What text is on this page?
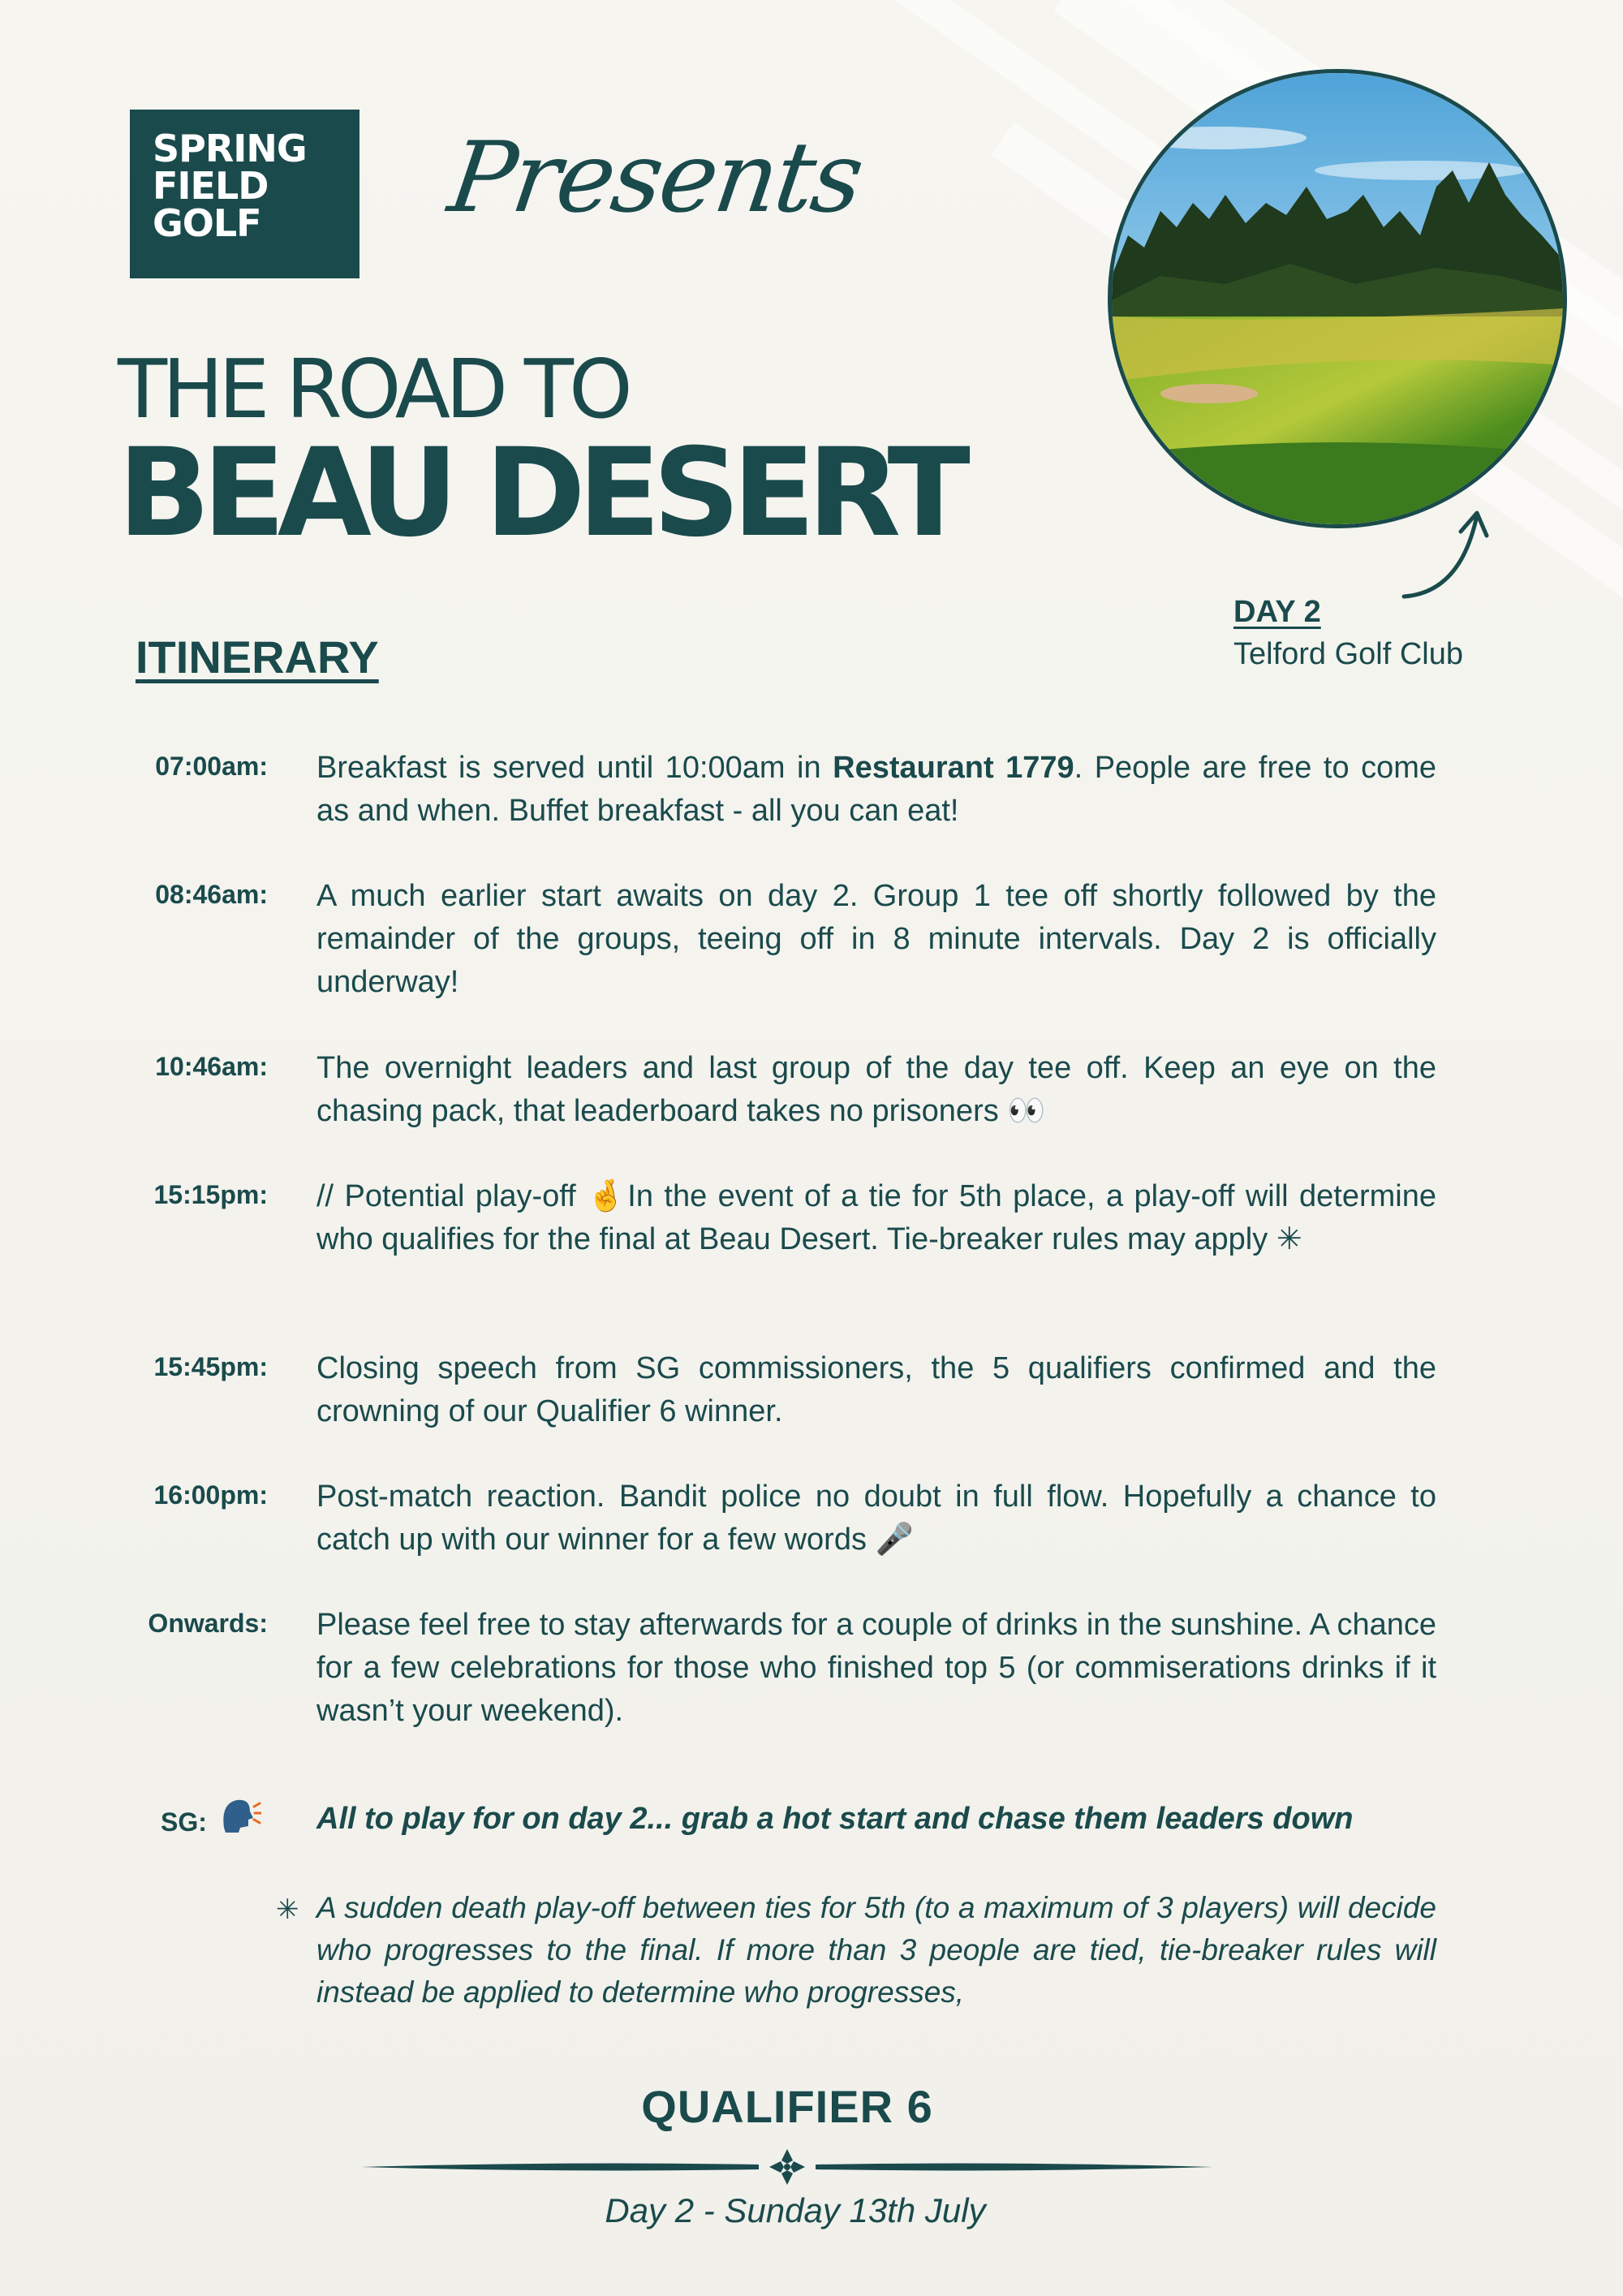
SPRING
FIELD
GOLF	Presents
THE ROAD TO
BEAU DESERT
DAY 2
Telford Golf Club
ITINERARY
07:00am: Breakfast is served until 10:00am in Restaurant 1779. People are free to come as and when. Buffet breakfast - all you can eat!
08:46am: A much earlier start awaits on day 2. Group 1 tee off shortly followed by the remainder of the groups, teeing off in 8 minute intervals. Day 2 is officially underway!
10:46am: The overnight leaders and last group of the day tee off. Keep an eye on the chasing pack, that leaderboard takes no prisoners 👀
15:15pm: // Potential play-off 🤞In the event of a tie for 5th place, a play-off will determine who qualifies for the final at Beau Desert. Tie-breaker rules may apply ✳
15:45pm: Closing speech from SG commissioners, the 5 qualifiers confirmed and the crowning of our Qualifier 6 winner.
16:00pm: Post-match reaction. Bandit police no doubt in full flow. Hopefully a chance to catch up with our winner for a few words 🎤
Onwards: Please feel free to stay afterwards for a couple of drinks in the sunshine. A chance for a few celebrations for those who finished top 5 (or commiserations drinks if it wasn’t your weekend).
SG:	All to play for on day 2... grab a hot start and chase them leaders down
✳ A sudden death play-off between ties for 5th (to a maximum of 3 players) will decide who progresses to the final. If more than 3 people are tied, tie-breaker rules will instead be applied to determine who progresses,
QUALIFIER 6
Day 2 - Sunday 13th July
